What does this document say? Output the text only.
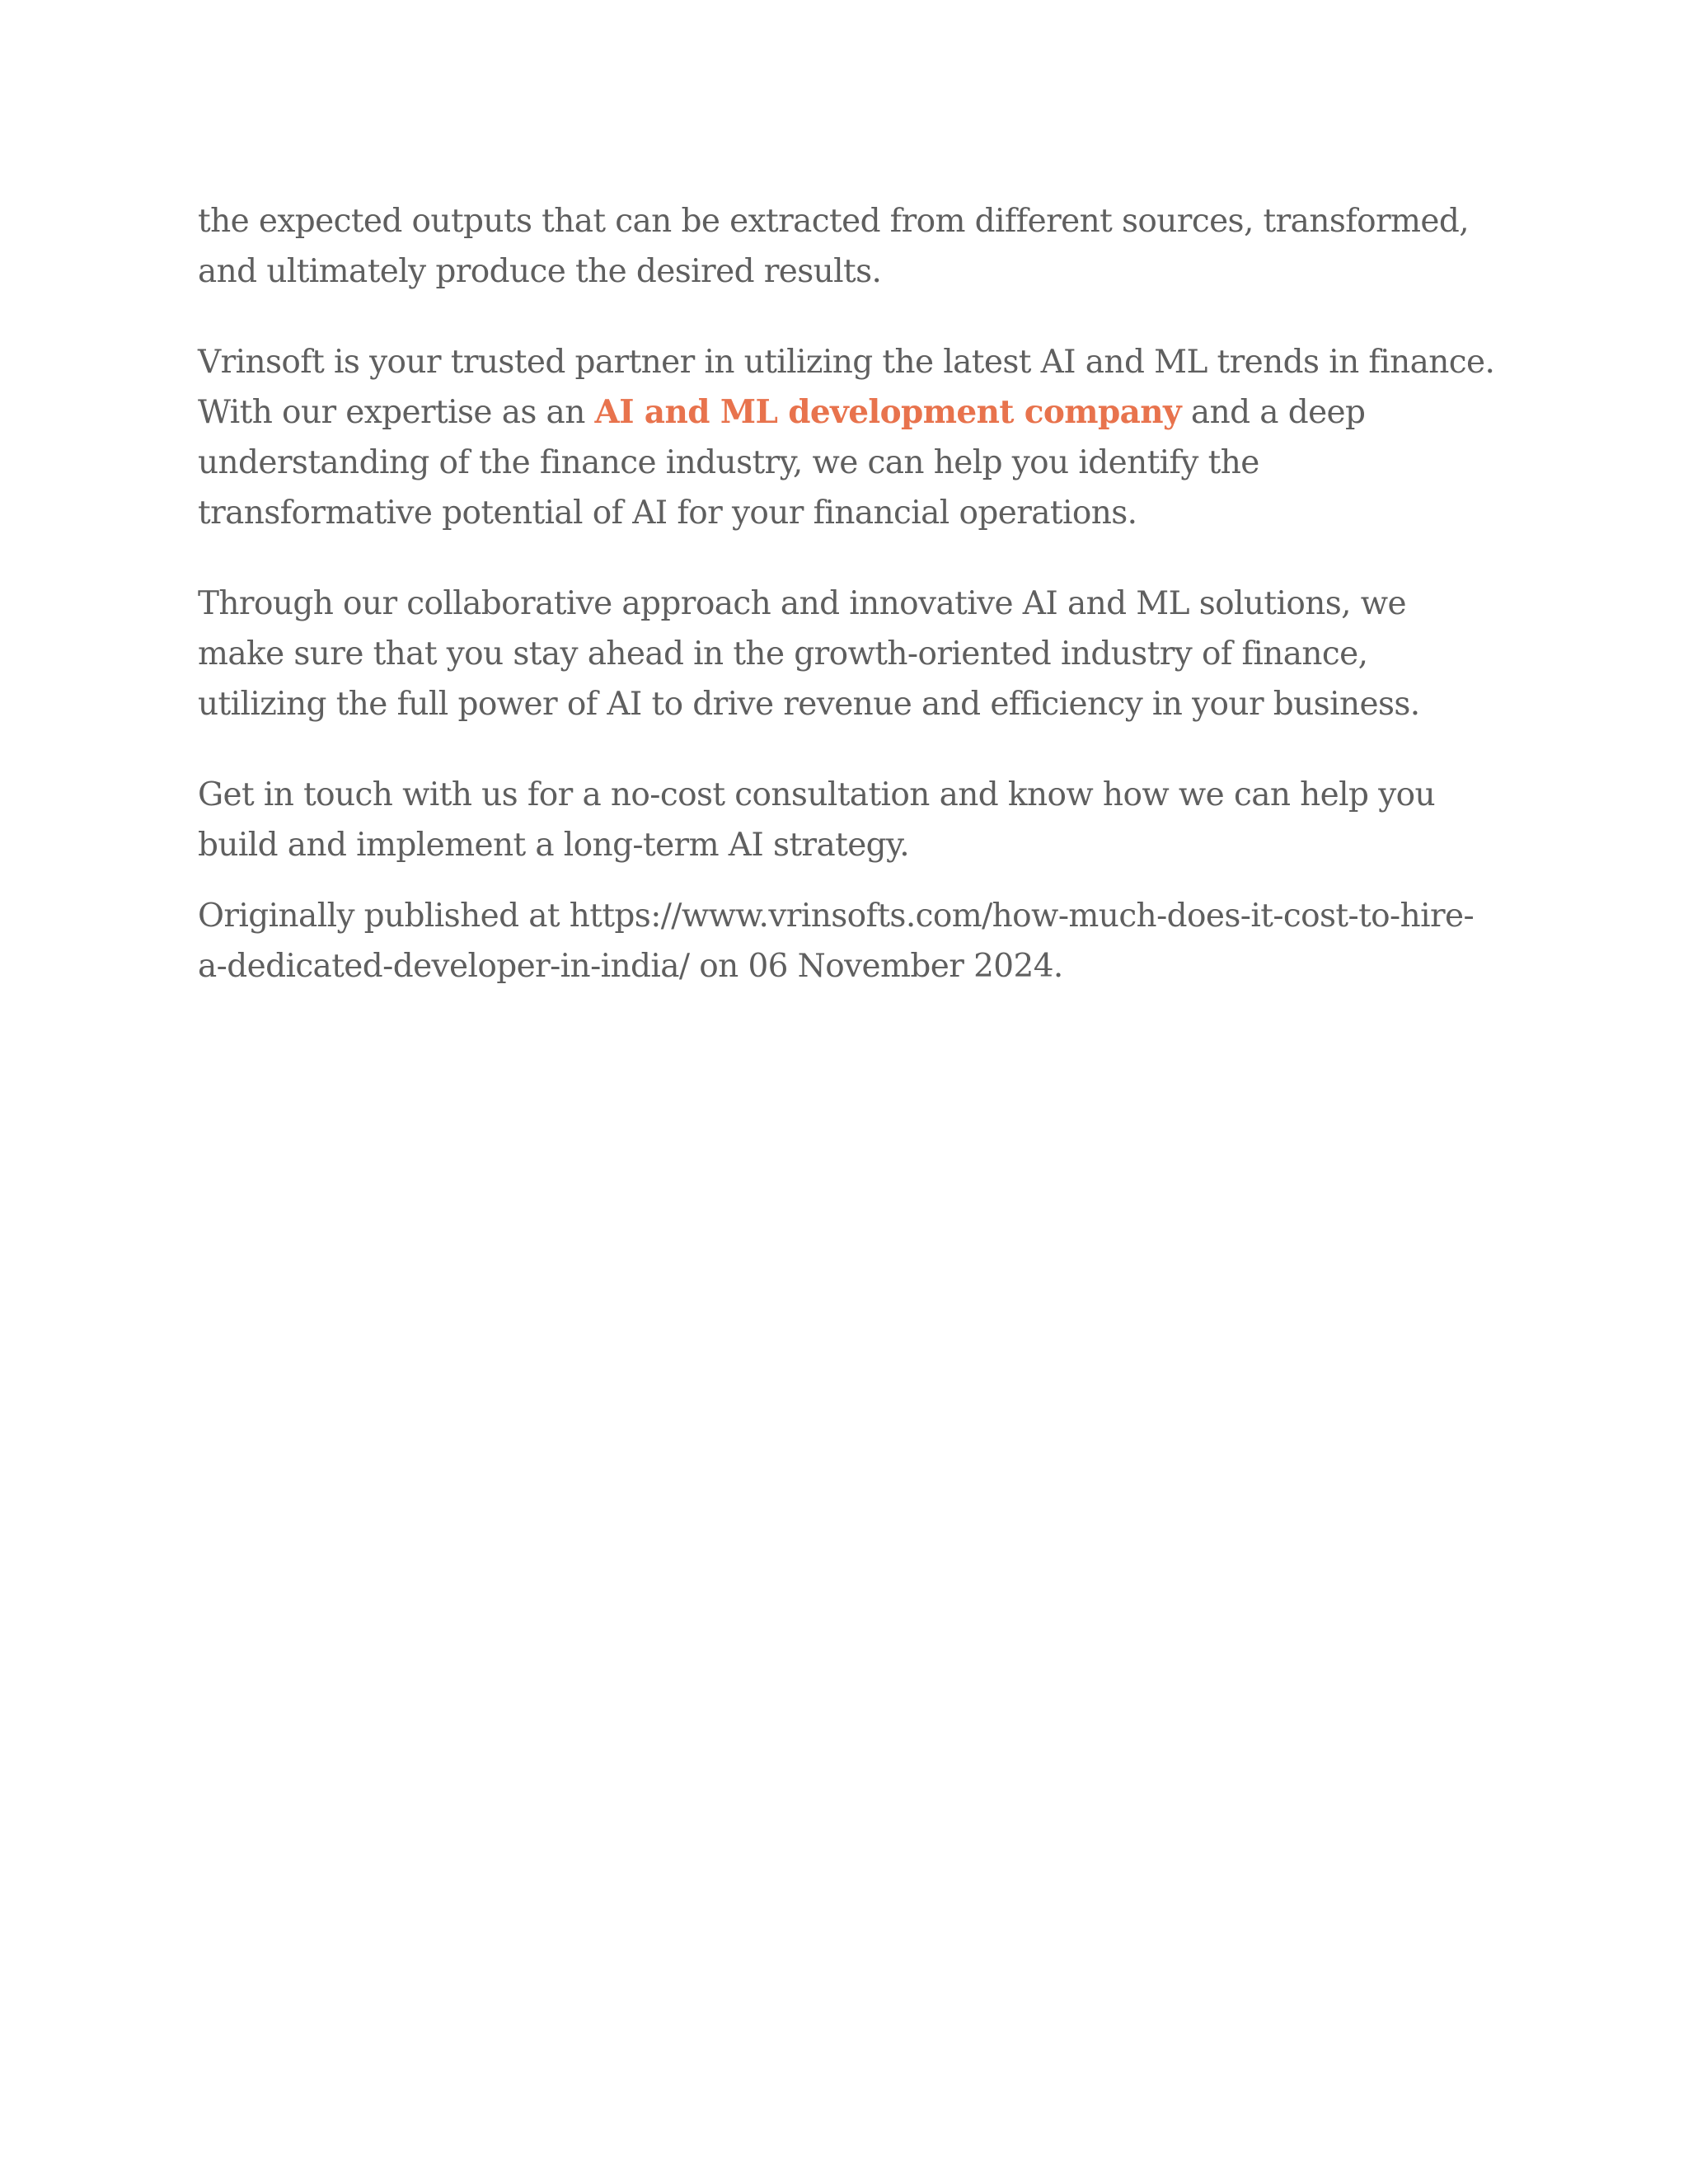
the expected outputs that can be extracted from different sources, transformed, and ultimately produce the desired results.

Vrinsoft is your trusted partner in utilizing the latest AI and ML trends in finance. With our expertise as an AI and ML development company and a deep understanding of the finance industry, we can help you identify the transformative potential of AI for your financial operations.

Through our collaborative approach and innovative AI and ML solutions, we make sure that you stay ahead in the growth-oriented industry of finance, utilizing the full power of AI to drive revenue and efficiency in your business.

Get in touch with us for a no-cost consultation and know how we can help you build and implement a long-term AI strategy.

Originally published at https://www.vrinsofts.com/how-much-does-it-cost-to-hire-a-dedicated-developer-in-india/ on 06 November 2024.
